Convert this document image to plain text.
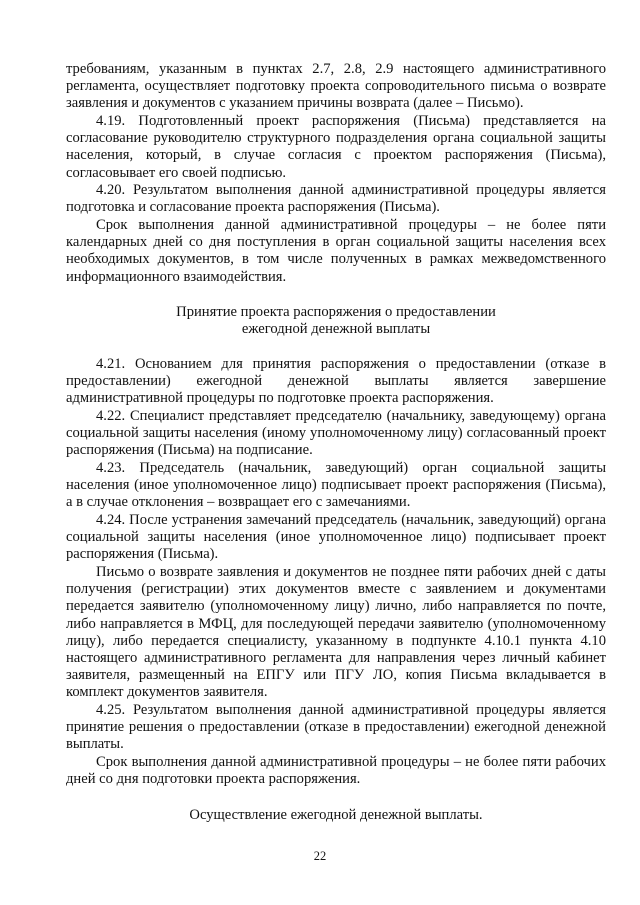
требованиям, указанным в пунктах 2.7, 2.8, 2.9 настоящего административного регламента, осуществляет подготовку проекта сопроводительного письма о возврате заявления и документов с указанием причины возврата (далее – Письмо).

4.19. Подготовленный проект распоряжения (Письма) представляется на согласование руководителю структурного подразделения органа социальной защиты населения, который, в случае согласия с проектом распоряжения (Письма), согласовывает его своей подписью.

4.20. Результатом выполнения данной административной процедуры является подготовка и согласование проекта распоряжения (Письма).

Срок выполнения данной административной процедуры – не более пяти календарных дней со дня поступления в орган социальной защиты населения всех необходимых документов, в том числе полученных в рамках межведомственного информационного взаимодействия.

Принятие проекта распоряжения о предоставлении

ежегодной денежной выплаты

4.21. Основанием для принятия распоряжения о предоставлении (отказе в предоставлении) ежегодной денежной выплаты является завершение административной процедуры по подготовке проекта распоряжения.

4.22. Специалист представляет председателю (начальнику, заведующему) органа социальной защиты населения (иному уполномоченному лицу) согласованный проект распоряжения (Письма) на подписание.

4.23. Председатель (начальник, заведующий) орган социальной защиты населения (иное уполномоченное лицо) подписывает проект распоряжения (Письма), а в случае отклонения – возвращает его с замечаниями.

4.24. После устранения замечаний председатель (начальник, заведующий) органа социальной защиты населения (иное уполномоченное лицо) подписывает проект распоряжения (Письма).

Письмо о возврате заявления и документов не позднее пяти рабочих дней с даты получения (регистрации) этих документов вместе с заявлением и документами передается заявителю (уполномоченному лицу) лично, либо направляется по почте, либо направляется в МФЦ, для последующей передачи заявителю (уполномоченному лицу), либо передается специалисту, указанному в подпункте 4.10.1 пункта 4.10 настоящего административного регламента для направления через личный кабинет заявителя, размещенный на ЕПГУ или ПГУ ЛО, копия Письма вкладывается в комплект документов заявителя.

4.25. Результатом выполнения данной административной процедуры является принятие решения о предоставлении (отказе в предоставлении) ежегодной денежной выплаты.

Срок выполнения данной административной процедуры – не более пяти рабочих дней со дня подготовки проекта распоряжения.

Осуществление ежегодной денежной выплаты.

22
